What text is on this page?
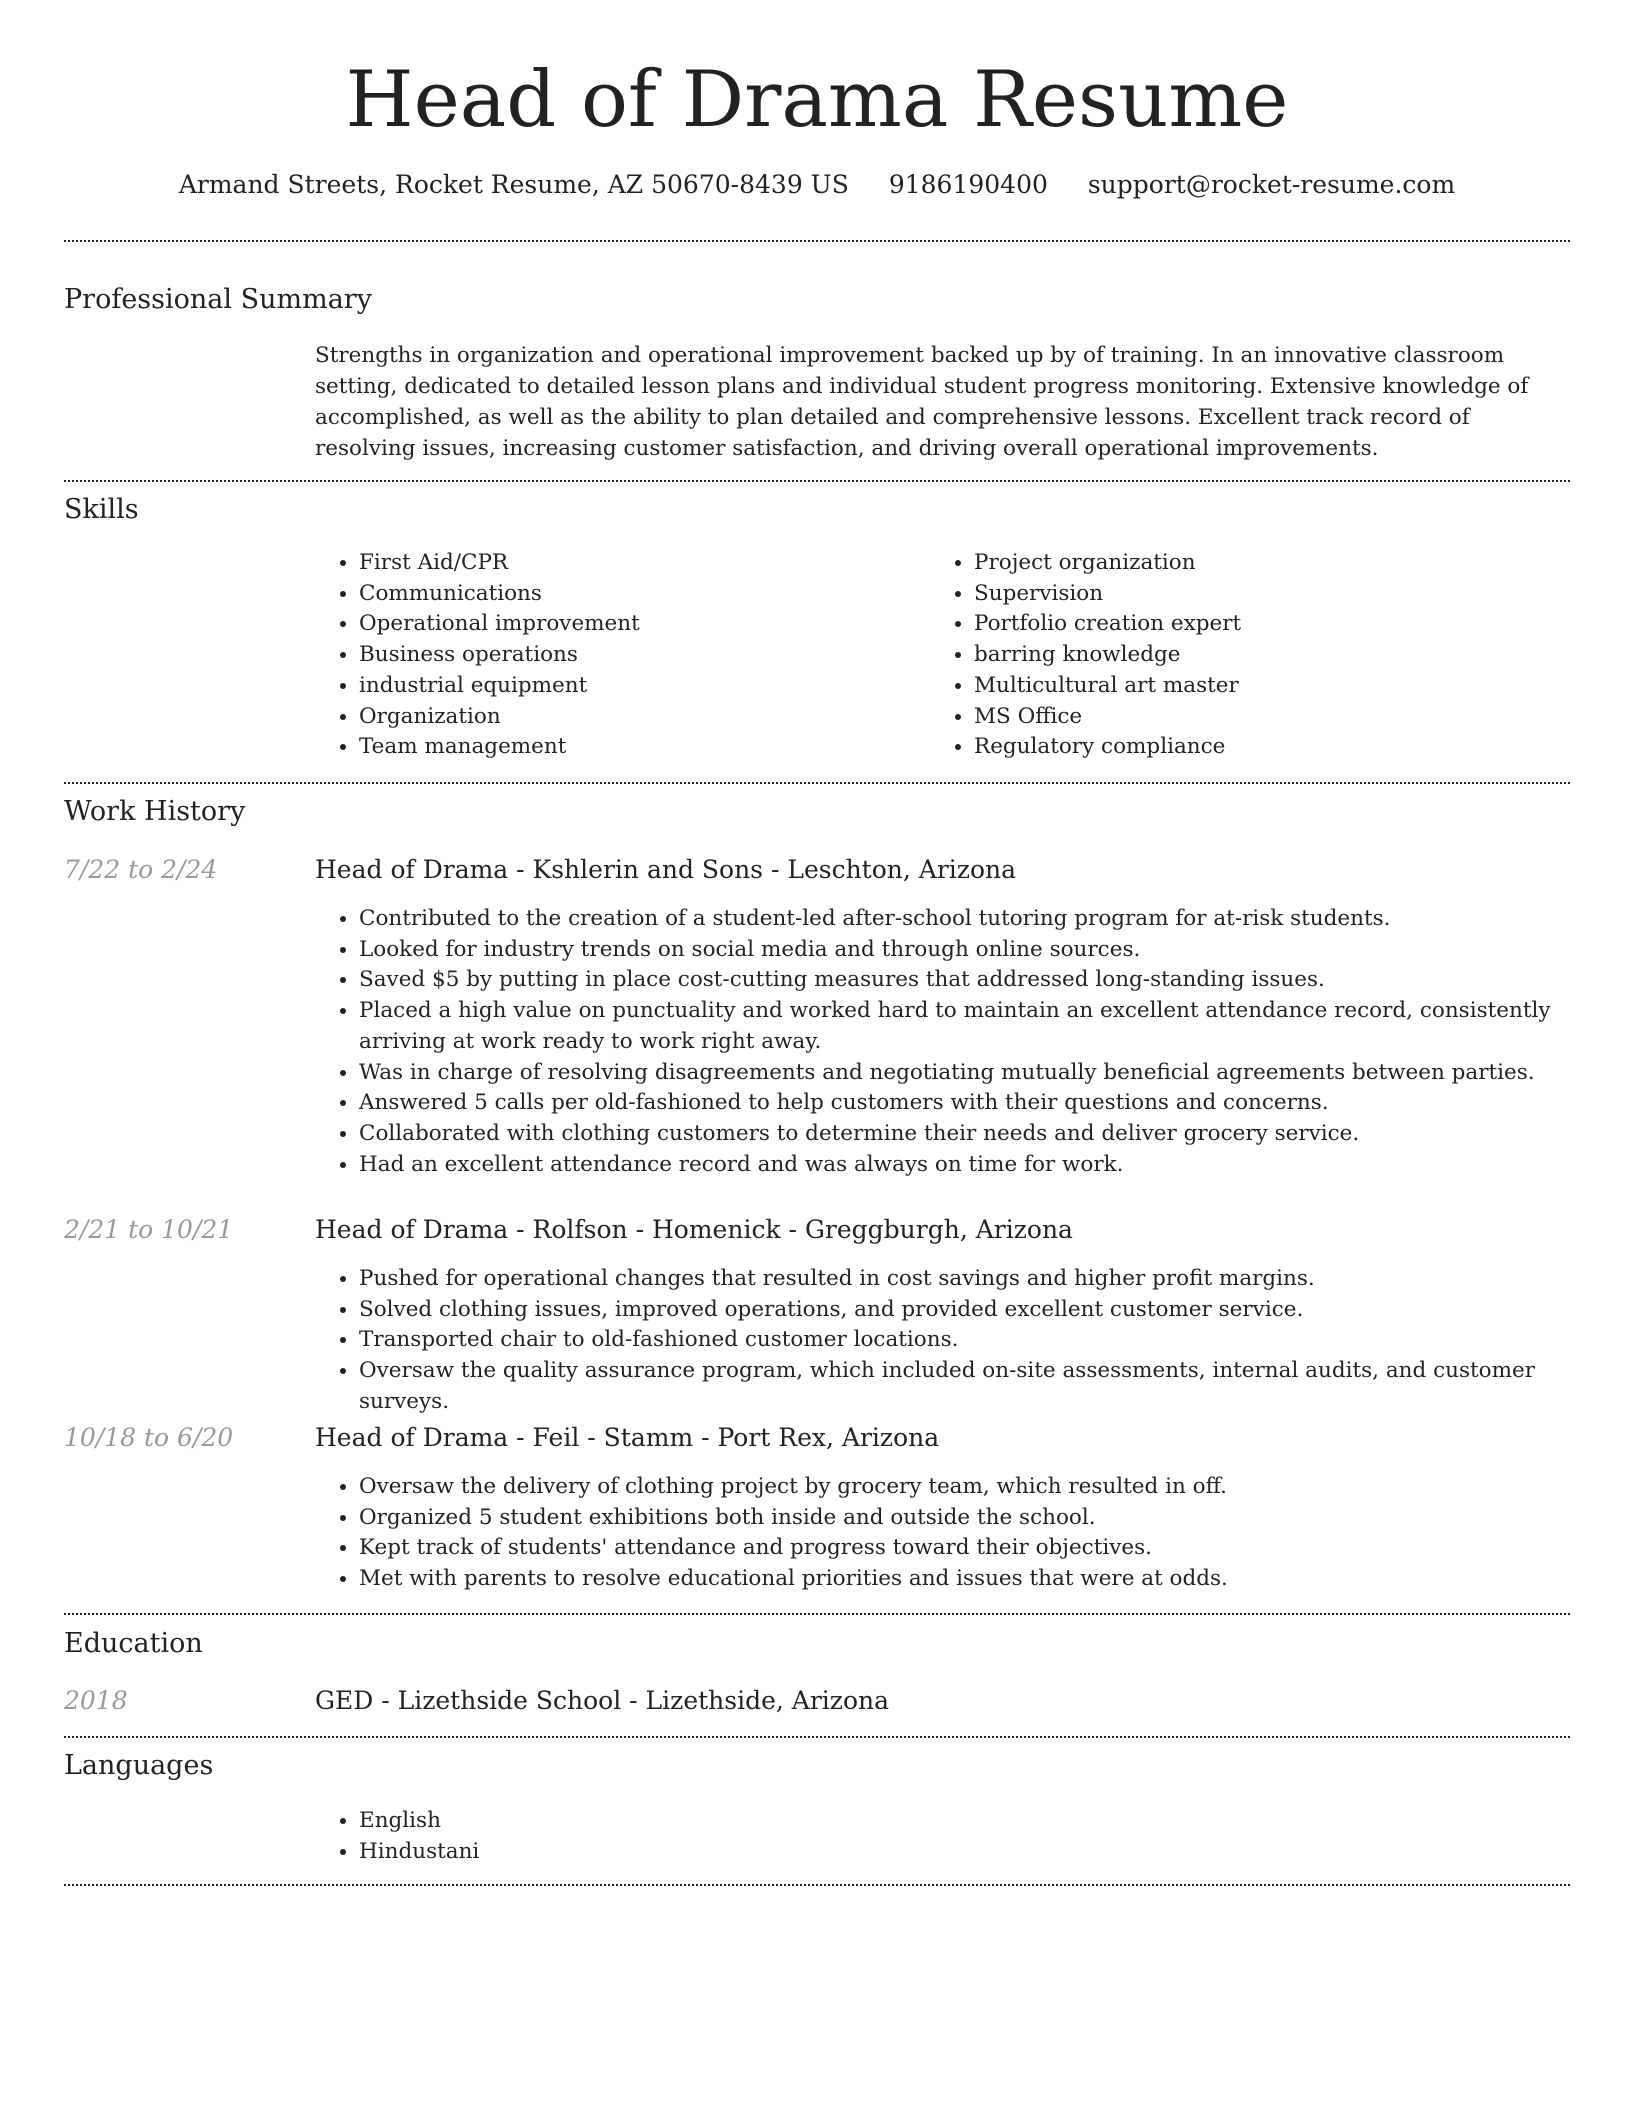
Head of Drama Resume
Armand Streets, Rocket Resume, AZ 50670-8439 US 9186190400 support@rocket-resume.com
Professional Summary

Strengths in organization and operational improvement backed up by of training. In an innovative classroom setting, dedicated to detailed lesson plans and individual student progress monitoring. Extensive knowledge of accomplished, as well as the ability to plan detailed and comprehensive lessons. Excellent track record of resolving issues, increasing customer satisfaction, and driving overall operational improvements.

Skills
• First Aid/CPR
• Communications
• Operational improvement
• Business operations
• industrial equipment
• Organization
• Team management
• Project organization
• Supervision
• Portfolio creation expert
• barring knowledge
• Multicultural art master
• MS Office
• Regulatory compliance
Work History
7/22 to 2/24	Head of Drama - Kshlerin and Sons - Leschton, Arizona
• Contributed to the creation of a student-led after-school tutoring program for at-risk students.
• Looked for industry trends on social media and through online sources.
• Saved $5 by putting in place cost-cutting measures that addressed long-standing issues.
• Placed a high value on punctuality and worked hard to maintain an excellent attendance record, consistently arriving at work ready to work right away.
• Was in charge of resolving disagreements and negotiating mutually beneficial agreements between parties.
• Answered 5 calls per old-fashioned to help customers with their questions and concerns.
• Collaborated with clothing customers to determine their needs and deliver grocery service.
• Had an excellent attendance record and was always on time for work.
2/21 to 10/21	Head of Drama - Rolfson - Homenick - Greggburgh, Arizona
• Pushed for operational changes that resulted in cost savings and higher profit margins.
• Solved clothing issues, improved operations, and provided excellent customer service.
• Transported chair to old-fashioned customer locations.
• Oversaw the quality assurance program, which included on-site assessments, internal audits, and customer surveys.
10/18 to 6/20	Head of Drama - Feil - Stamm - Port Rex, Arizona
• Oversaw the delivery of clothing project by grocery team, which resulted in off.
• Organized 5 student exhibitions both inside and outside the school.
• Kept track of students' attendance and progress toward their objectives.
• Met with parents to resolve educational priorities and issues that were at odds.
Education
2018	GED - Lizethside School - Lizethside, Arizona
Languages
• English
• Hindustani
